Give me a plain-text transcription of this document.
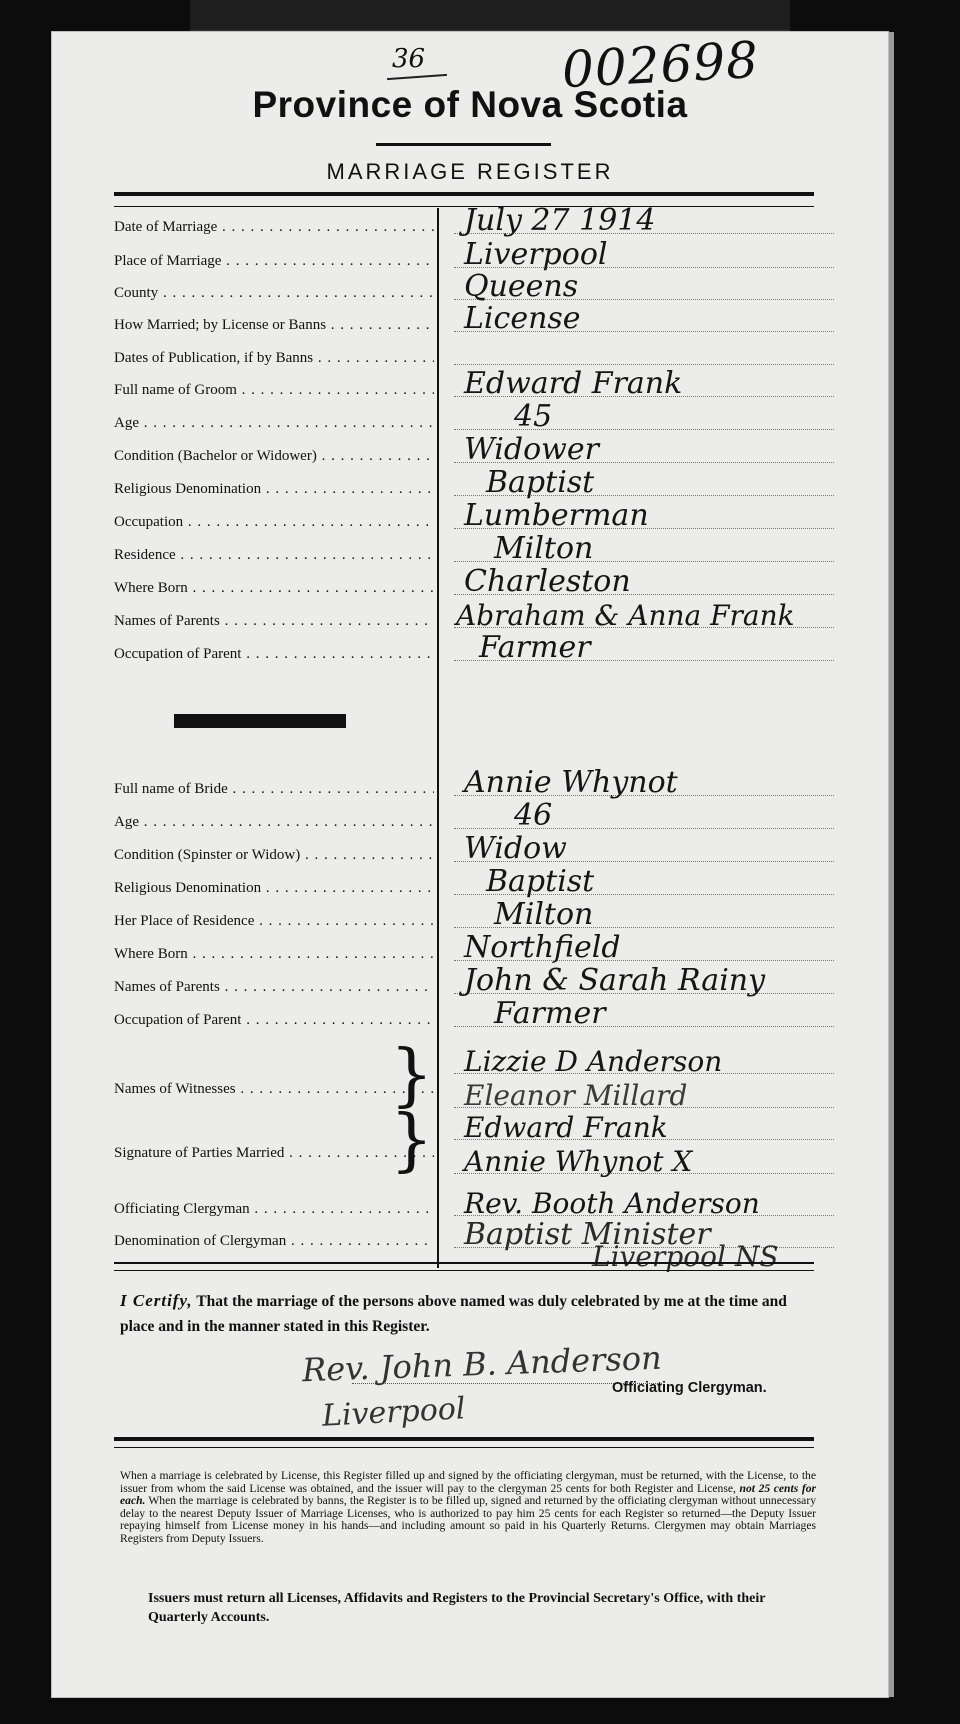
36	002698
Province of Nova Scotia
MARRIAGE REGISTER
Date of Marriage . . .	July 27 1914
Place of Marriage . . .	Liverpool
County . . .	Queens
How Married; by License or Banns . . .	License
Dates of Publication, if by Banns . . .
Full name of Groom . . .	Edward Frank
Age . . .	45
Condition (Bachelor or Widower) . . .	Widower
Religious Denomination . . .	Baptist
Occupation . . .	Lumberman
Residence . . .	Milton
Where Born . . .	Charleston
Names of Parents . . .	Abraham & Anna Frank
Occupation of Parent . . .	Farmer
Full name of Bride . . .	Annie Whynot
Age . . .	46
Condition (Spinster or Widow) . . .	Widow
Religious Denomination . . .	Baptist
Her Place of Residence . . .	Milton
Where Born . . .	Northfield
Names of Parents . . .	John & Sarah Rainy
Occupation of Parent . . .	Farmer
} Lizzie D Anderson
Names of Witnesses . . .	Eleanor Millard
} Edward Frank
Signature of Parties Married . . .	Annie Whynot X
Officiating Clergyman . . .	Rev. Booth Anderson
Denomination of Clergyman . . .	Baptist Minister
Liverpool NS
I Certify, That the marriage of the persons above named was duly celebrated by me at the time and place and in the manner stated in this Register.
Rev. John B. Anderson
Officiating Clergyman.
Liverpool
When a marriage is celebrated by License, this Register filled up and signed by the officiating clergyman, must be returned, with the License, to the issuer from whom the said License was obtained, and the issuer will pay to the clergyman 25 cents for both Register and License, not 25 cents for each. When the marriage is celebrated by banns, the Register is to be filled up, signed and returned by the officiating clergyman without unnecessary delay to the nearest Deputy Issuer of Marriage Licenses, who is authorized to pay him 25 cents for each Register so returned—the Deputy Issuer repaying himself from License money in his hands—and including amount so paid in his Quarterly Returns. Clergymen may obtain Marriages Registers from Deputy Issuers.
Issuers must return all Licenses, Affidavits and Registers to the Provincial Secretary's Office, with their Quarterly Accounts.
